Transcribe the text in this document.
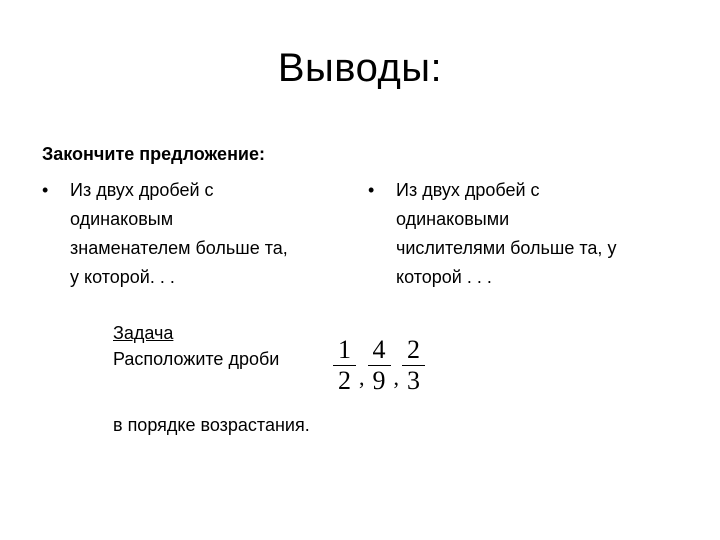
Выводы:
Закончите предложение:
• Из двух дробей с
одинаковым
знаменателем больше та,
у которой. . .
• Из двух дробей с
одинаковыми
числителями больше та, у
которой . . .
Задача
Расположите дроби $\frac{1}{2}$ , $\frac{4}{9}$ , $\frac{2}{3}$
в порядке возрастания.
